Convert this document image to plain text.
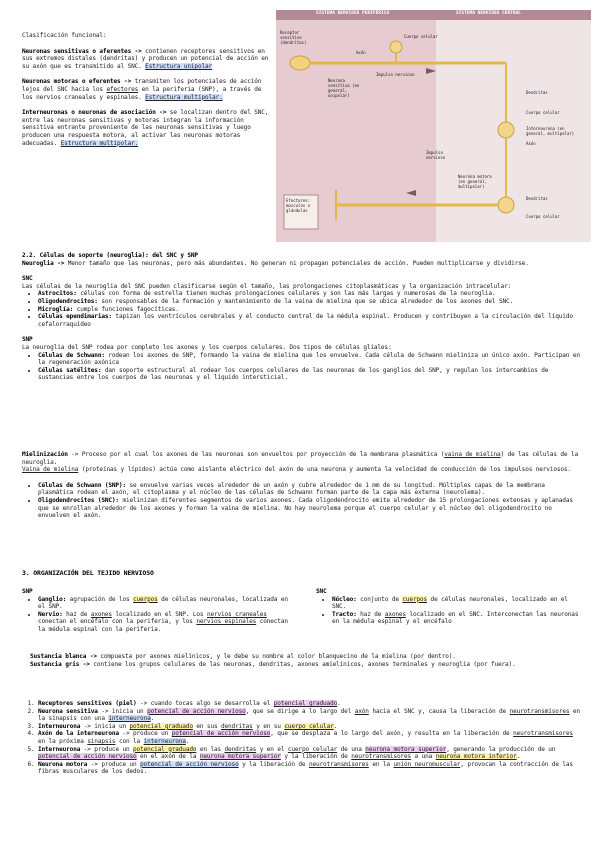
Clasificación funcional:

Neuronas sensitivas o aferentes -> contienen receptores sensitivos en sus extremos distales (dendritas) y producen un potencial de acción en su axón que es transmitido al SNC. Estructura unipolar

Neuronas motoras o eferentes -> transmiten los potenciales de acción lejos del SNC hacia los efectores en la periferia (SNP), a través de los nervios craneales y espinales. Estructura multipolar.

Interneuronas o neuronas de asociación -> se localizan dentro del SNC, entre las neuronas sensitivas y motoras integran la información sensitiva entrante proveniente de las neuronas sensitivas y luego producen una respuesta motora, al activar las neuronas motoras adecuadas. Estructura multipolar.

SISTEMA NERVIOSO PERIFÉRICO	SISTEMA NERVIOSO CENTRAL
Receptor sensitivo (dendritas)
Axón
Cuerpo celular
Neurona sensitiva (en general, unipolar)
Impulso nervioso
Dendritas
Cuerpo celular
Interneurona (en general, multipolar)
Axón
Impulso nervioso
Neurona motora (en general, multipolar)
Efectores: músculos o glándulas
Dendritas
Cuerpo celular

2.2. Células de soporte (neuroglia): del SNC y SNP

Neuroglia -> Menor tamaño que las neuronas, pero más abundantes. No generan ni propagan potenciales de acción. Pueden multiplicarse y dividirse.

SNC

Las células de la neuroglia del SNC pueden clasificarse según el tamaño, las prolongaciones citoplasmáticas y la organización intracelular:

• Astrocitos: células con forma de estrella tienen muchas prolongaciones celulares y son las más largas y numerosas de la neuroglia.
• Oligodendrocitos: son responsables de la formación y mantenimiento de la vaina de mielina que se ubica alrededor de los axones del SNC.
• Microglía: cumple funciones fagocíticas.
• Células ependimarias: tapizan los ventrículos cerebrales y el conducto central de la médula espinal. Producen y contribuyen a la circulación del líquido cefalorraquídeo

SNP

La neuroglia del SNP rodea por completo los axones y los cuerpos celulares. Dos tipos de células gliales:

• Células de Schwann: rodean los axones de SNP, formando la vaina de mielina que los envuelve. Cada célula de Schwann mieliniza un único axón. Participan en la regeneración axónica
• Células satélites: dan soporte estructural al rodear los cuerpos celulares de las neuronas de los ganglios del SNP, y regulan los intercambios de sustancias entre los cuerpos de las neuronas y el líquido intersticial.

Mielinización -> Proceso por el cual los axones de las neuronas son envueltos por proyección de la membrana plasmática (vaina de mielina) de las células de la neuroglia.
Vaina de mielina (proteínas y lípidos) actúa como aislante eléctrico del axón de una neurona y aumenta la velocidad de conducción de los impulsos nerviosos.

• Células de Schwann (SNP): se envuelve varias veces alrededor de un axón y cubre alrededor de 1 mm de su longitud. Múltiples capas de la membrana plasmática rodean el axón, el citoplasma y el núcleo de las células de Schwann forman parte de la capa más externa (neurolema).
• Oligodendrocitos (SNC): mielinizan diferentes segmentos de varios axones. Cada oligodendrocito emite alrededor de 15 prolongaciones extensas y aplanadas que se enrollan alrededor de los axones y forman la vaina de mielina. No hay neurolema porque el cuerpo celular y el núcleo del oligodendrocito no envuelven el axón.

3. ORGANIZACIÓN DEL TEJIDO NERVIOSO

SNP

• Ganglio: agrupación de los cuerpos de células neuronales, localizada en el SNP.
• Nervio: haz de axones localizado en el SNP. Los nervios craneales conectan el encéfalo con la periferia, y los nervios espinales conectan la médula espinal con la periferia.

SNC

• Núcleo: conjunto de cuerpos de células neuronales, localizado en el SNC.
• Tracto: haz de axones localizado en el SNC. Interconectan las neuronas en la médula espinal y el encéfalo

Sustancia blanca -> compuesta por axones mielínicos, y le debe su nombre al color blanquecino de la mielina (por dentro).

Sustancia gris -> contiene los grupos celulares de las neuronas, dendritas, axones amielínicos, axones terminales y neuroglia (por fuera).

1. Receptores sensitivos (piel) -> cuando tocas algo se desarrolla el potencial graduado.
2. Neurona sensitiva -> inicia un potencial de acción nervioso, que se dirige a lo largo del axón hacia el SNC y, causa la liberación de neurotransmisores en la sinapsis con una interneurona.
3. Interneurona -> inicia un potencial graduado en sus dendritas y en su cuerpo celular.
4. Axón de la interneurona -> produce un potencial de acción nervioso, que se desplaza a lo largo del axón, y resulta en la liberación de neurotransmisores en la próxima sinapsis con la interneurona.
5. Interneurona -> produce un potencial graduado en las dendritas y en el cuerpo celular de una neurona motora superior, generando la producción de un potencial de acción nervioso en el axón de la neurona motora superior y la liberación de neurotransmisores a una neurona motora inferior.
6. Neurona motora -> produce un potencial de acción nervioso y la liberación de neurotransmisores en la unión neuromuscular, provocan la contracción de las fibras musculares de los dedos.
